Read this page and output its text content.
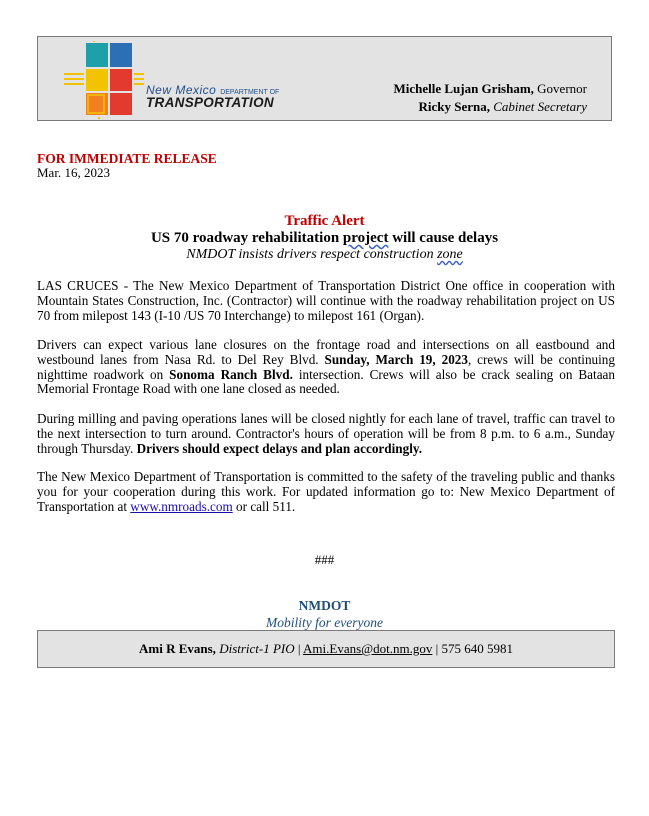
New Mexico DEPARTMENT OF
TRANSPORTATION
Michelle Lujan Grisham, Governor
Ricky Serna, Cabinet Secretary
FOR IMMEDIATE RELEASE
Mar. 16, 2023
Traffic Alert
US 70 roadway rehabilitation project will cause delays
NMDOT insists drivers respect construction zone
LAS CRUCES - The New Mexico Department of Transportation District One office in cooperation with Mountain States Construction, Inc. (Contractor) will continue with the roadway rehabilitation project on US 70 from milepost 143 (I-10 /US 70 Interchange) to milepost 161 (Organ).
Drivers can expect various lane closures on the frontage road and intersections on all eastbound and westbound lanes from Nasa Rd. to Del Rey Blvd. Sunday, March 19, 2023, crews will be continuing nighttime roadwork on Sonoma Ranch Blvd. intersection. Crews will also be crack sealing on Bataan Memorial Frontage Road with one lane closed as needed.
During milling and paving operations lanes will be closed nightly for each lane of travel, traffic can travel to the next intersection to turn around. Contractor's hours of operation will be from 8 p.m. to 6 a.m., Sunday through Thursday. Drivers should expect delays and plan accordingly.
The New Mexico Department of Transportation is committed to the safety of the traveling public and thanks you for your cooperation during this work. For updated information go to: New Mexico Department of Transportation at www.nmroads.com or call 511.
###
NMDOT
Mobility for everyone
Ami R Evans, District-1 PIO | Ami.Evans@dot.nm.gov | 575 640 5981
